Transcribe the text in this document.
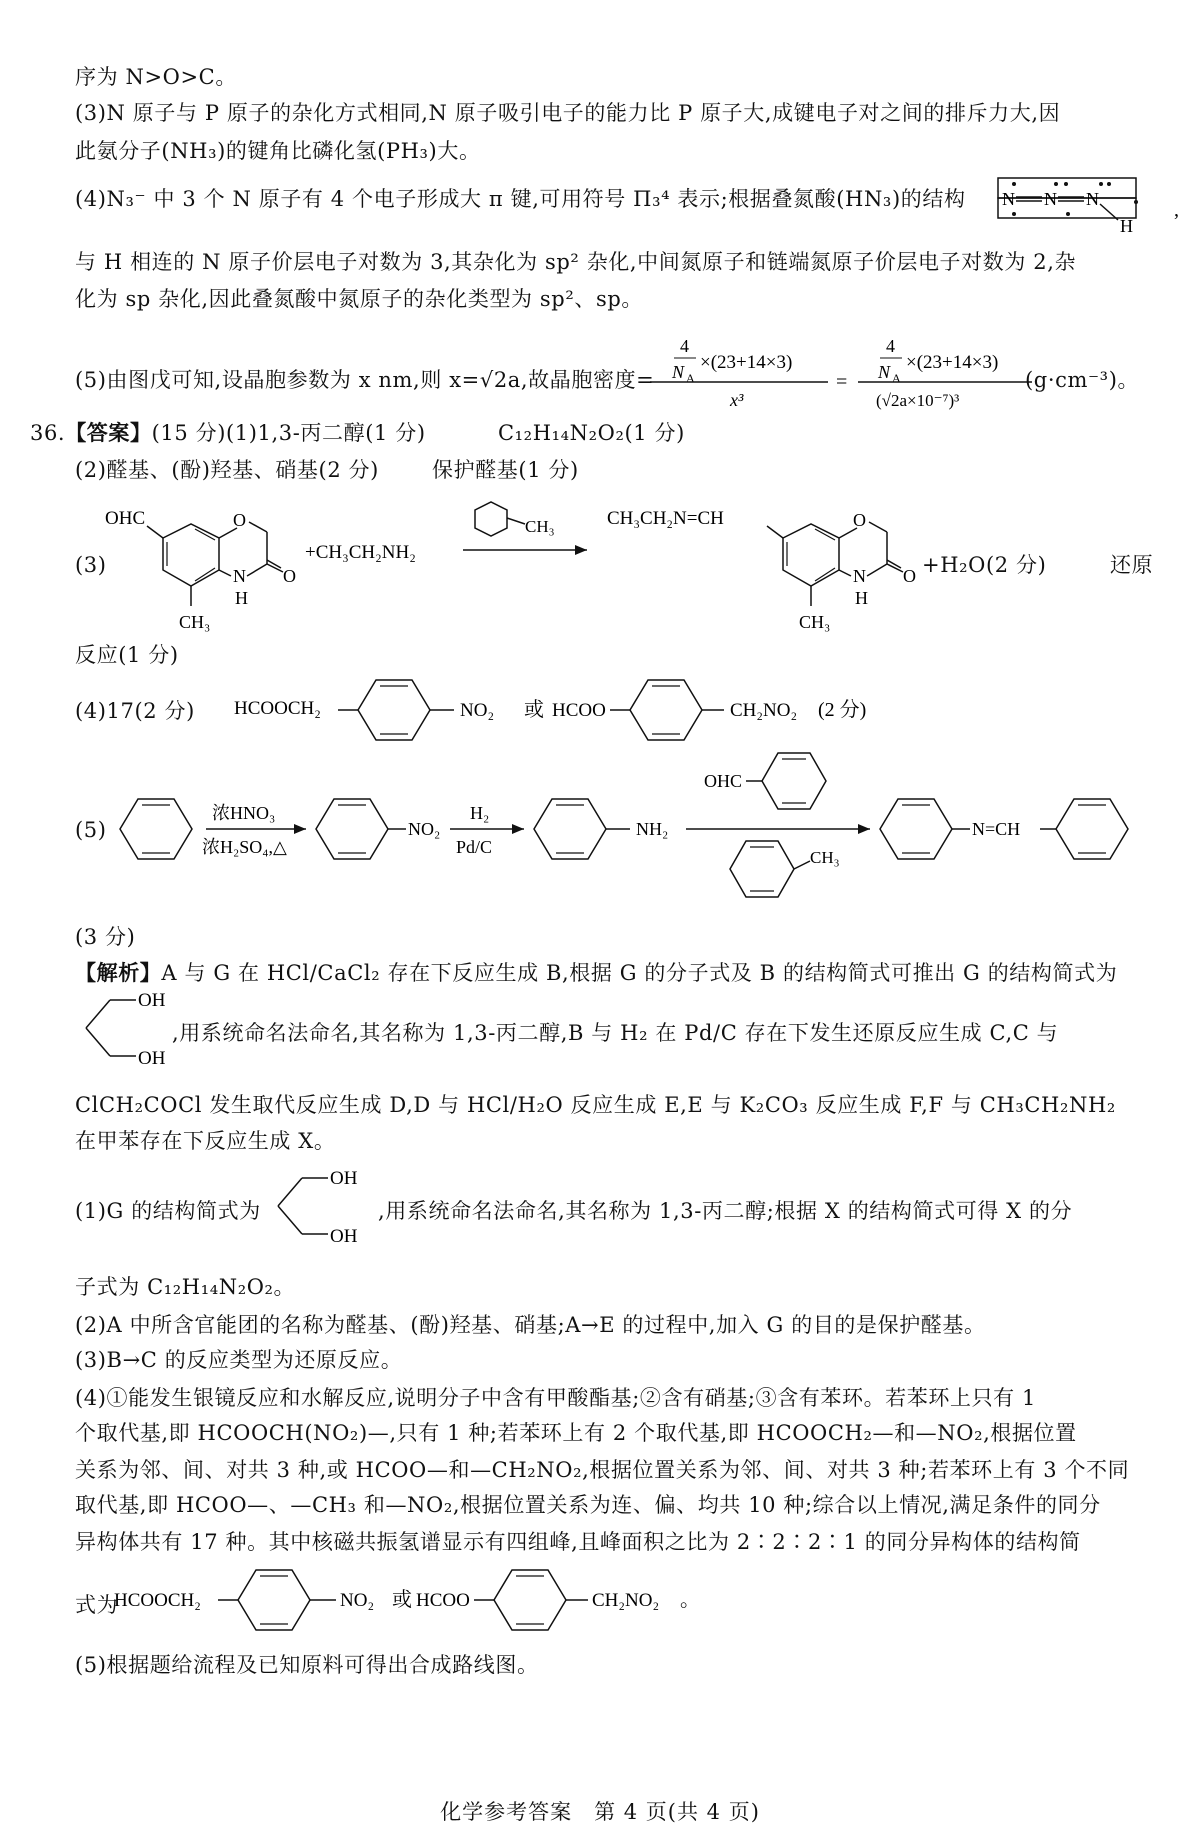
序为 N>O>C。
(3)N 原子与 P 原子的杂化方式相同,N 原子吸引电子的能力比 P 原子大,成键电子对之间的排斥力大,因
此氨分子(NH₃)的键角比磷化氢(PH₃)大。
(4)N₃⁻ 中 3 个 N 原子有 4 个电子形成大 π 键,可用符号 Π₃⁴ 表示;根据叠氮酸(HN₃)的结构	N N N
H
,
与 H 相连的 N 原子价层电子对数为 3,其杂化为 sp² 杂化,中间氮原子和链端氮原子价层电子对数为 2,杂
化为 sp 杂化,因此叠氮酸中氮原子的杂化类型为 sp²、sp。
(5)由图戊可知,设晶胞参数为 x nm,则 x=√2a,故晶胞密度=
4
N A
×(23+14×3)
x³
=
4
N A
×(23+14×3)
(√2a×10⁻⁷)³
(g·cm⁻³)。
36.【答案】(15 分)(1)1,3-丙二醇(1 分)	C₁₂H₁₄N₂O₂(1 分)
(2)醛基、(酚)羟基、硝基(2 分)	保护醛基(1 分)
(3)
OHC	O
O
N
H
CH₃
+CH₃CH₂NH₂
CH₃	CH₃CH₂N=CH	O
O
N
H
CH₃
+H₂O(2 分)	还原
反应(1 分)
(4)17(2 分) HCOOCH₂	NO₂ 或 HCOO	CH₂NO₂ (2 分)
(5)
浓HNO₃
浓H₂SO₄,△
NO₂
H₂
Pd/C
NH₂
OHC
CH₃
N=CH
(3 分)
【解析】A 与 G 在 HCl/CaCl₂ 存在下反应生成 B,根据 G 的分子式及 B 的结构简式可推出 G 的结构简式为
OH
OH
,用系统命名法命名,其名称为 1,3-丙二醇,B 与 H₂ 在 Pd/C 存在下发生还原反应生成 C,C 与
ClCH₂COCl 发生取代反应生成 D,D 与 HCl/H₂O 反应生成 E,E 与 K₂CO₃ 反应生成 F,F 与 CH₃CH₂NH₂
在甲苯存在下反应生成 X。
(1)G 的结构简式为
OH
OH
,用系统命名法命名,其名称为 1,3-丙二醇;根据 X 的结构简式可得 X 的分
子式为 C₁₂H₁₄N₂O₂。
(2)A 中所含官能团的名称为醛基、(酚)羟基、硝基;A→E 的过程中,加入 G 的目的是保护醛基。
(3)B→C 的反应类型为还原反应。
(4)①能发生银镜反应和水解反应,说明分子中含有甲酸酯基;②含有硝基;③含有苯环。若苯环上只有 1
个取代基,即 HCOOCH(NO₂)—,只有 1 种;若苯环上有 2 个取代基,即 HCOOCH₂—和—NO₂,根据位置
关系为邻、间、对共 3 种,或 HCOO—和—CH₂NO₂,根据位置关系为邻、间、对共 3 种;若苯环上有 3 个不同
取代基,即 HCOO—、—CH₃ 和—NO₂,根据位置关系为连、偏、均共 10 种;综合以上情况,满足条件的同分
异构体共有 17 种。其中核磁共振氢谱显示有四组峰,且峰面积之比为 2∶2∶2∶1 的同分异构体的结构简
式为
HCOOCH₂	NO₂ 或 HCOO	CH₂NO₂ 。
(5)根据题给流程及已知原料可得出合成路线图。
化学参考答案　第 4 页(共 4 页)
